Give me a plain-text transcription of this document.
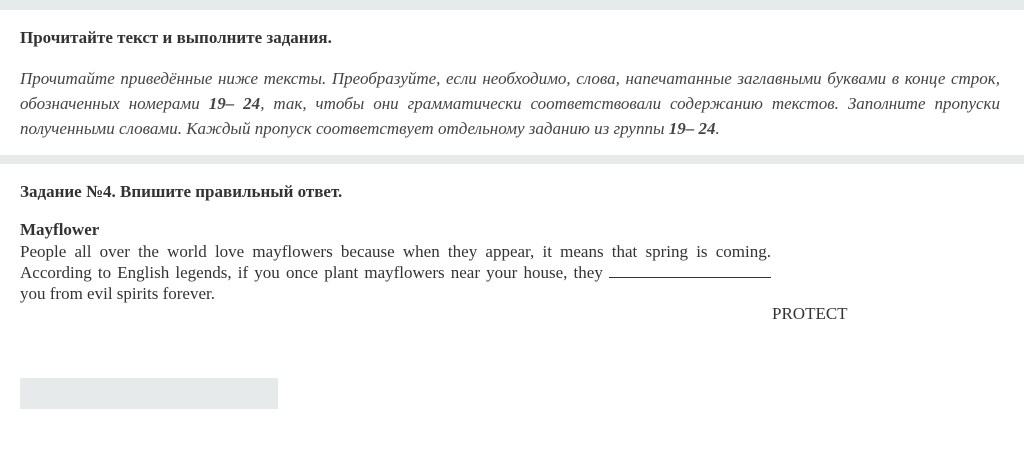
Прочитайте текст и выполните задания.
Прочитайте приведённые ниже тексты. Преобразуйте, если необходимо, слова, напечатанные заглавными буквами в конце строк, обозначенных номерами 19– 24, так, чтобы они грамматически соответствовали содержанию текстов. Заполните пропуски полученными словами. Каждый пропуск соответствует отдельному заданию из группы 19– 24.
Задание №4. Впишите правильный ответ.
Mayflower
People all over the world love mayflowers because when they appear, it means that spring is coming. According to English legends, if you once plant mayflowers near your house, they  you from evil spirits forever.
PROTECT
